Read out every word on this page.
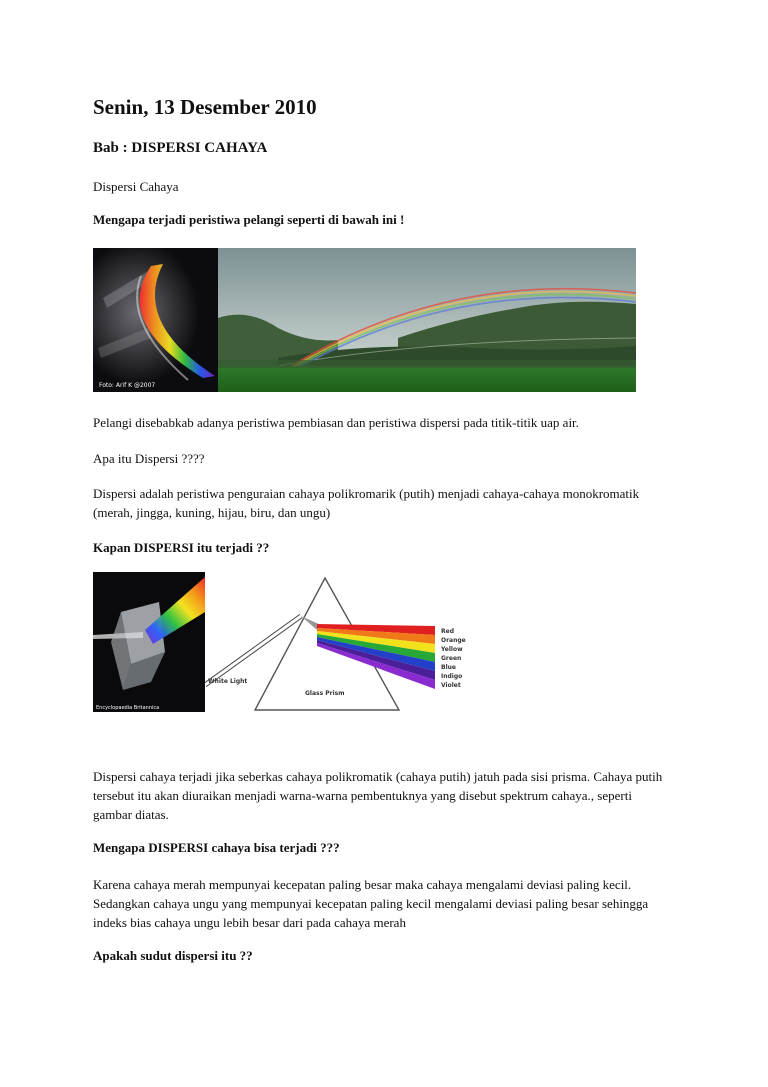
Senin, 13 Desember 2010
Bab : DISPERSI CAHAYA

Dispersi Cahaya

Mengapa terjadi peristiwa pelangi seperti di bawah ini !

Foto: Arif K @2007

Pelangi disebabkab adanya peristiwa pembiasan dan peristiwa dispersi pada titik-titik uap air.

Apa itu Dispersi ????

Dispersi adalah peristiwa penguraian cahaya polikromarik (putih) menjadi cahaya-cahaya monokromatik (merah, jingga, kuning, hijau, biru, dan ungu)

Kapan DISPERSI itu terjadi ??

Encyclopaedia Britannica
Red
Orange
Yellow
Green
Blue
Indigo
Violet
White Light
Glass Prism

Dispersi cahaya terjadi jika seberkas cahaya polikromatik (cahaya putih) jatuh pada sisi prisma. Cahaya putih tersebut itu akan diuraikan menjadi warna-warna pembentuknya yang disebut spektrum cahaya., seperti gambar diatas.

Mengapa DISPERSI cahaya bisa terjadi ???

Karena cahaya merah mempunyai kecepatan paling besar maka cahaya mengalami deviasi paling kecil. Sedangkan cahaya ungu yang mempunyai kecepatan paling kecil mengalami deviasi paling besar sehingga indeks bias cahaya ungu lebih besar dari pada cahaya merah

Apakah sudut dispersi itu ??
